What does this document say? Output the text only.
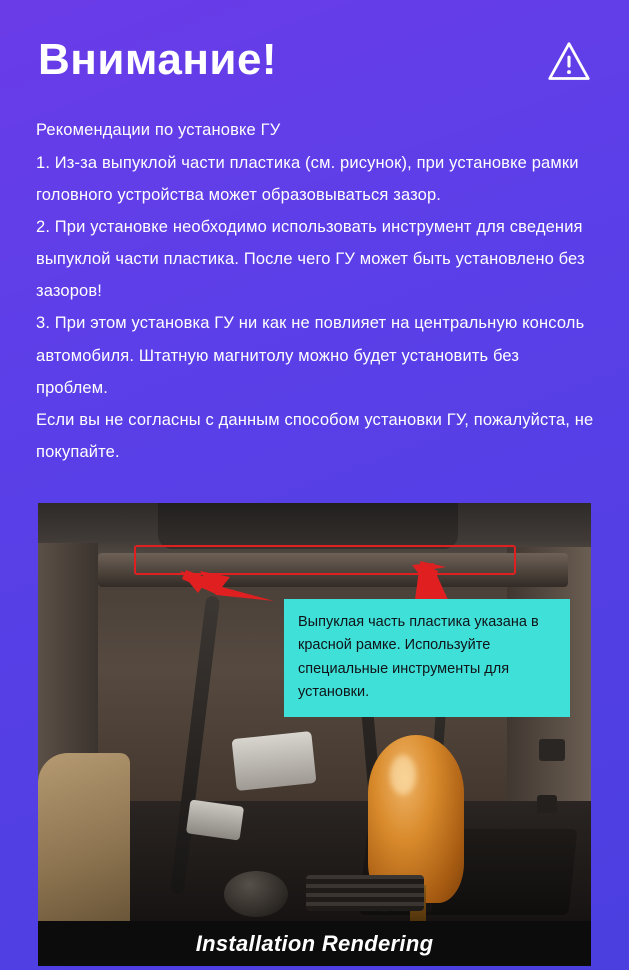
Внимание!

Рекомендации по установке ГУ

1. Из-за выпуклой части пластика (см. рисунок), при установке рамки головного устройства может образовываться зазор.

2. При установке необходимо использовать инструмент для сведения выпуклой части пластика. После чего ГУ может быть установлено без зазоров!

3. При этом установка ГУ ни как не повлияет на центральную консоль автомобиля. Штатную магнитолу можно будет установить без проблем.

Если вы не согласны с данным способом установки ГУ, пожалуйста, не покупайте.

Выпуклая часть пластика указана в красной рамке. Используйте специальные инструменты для установки.

Installation Rendering
